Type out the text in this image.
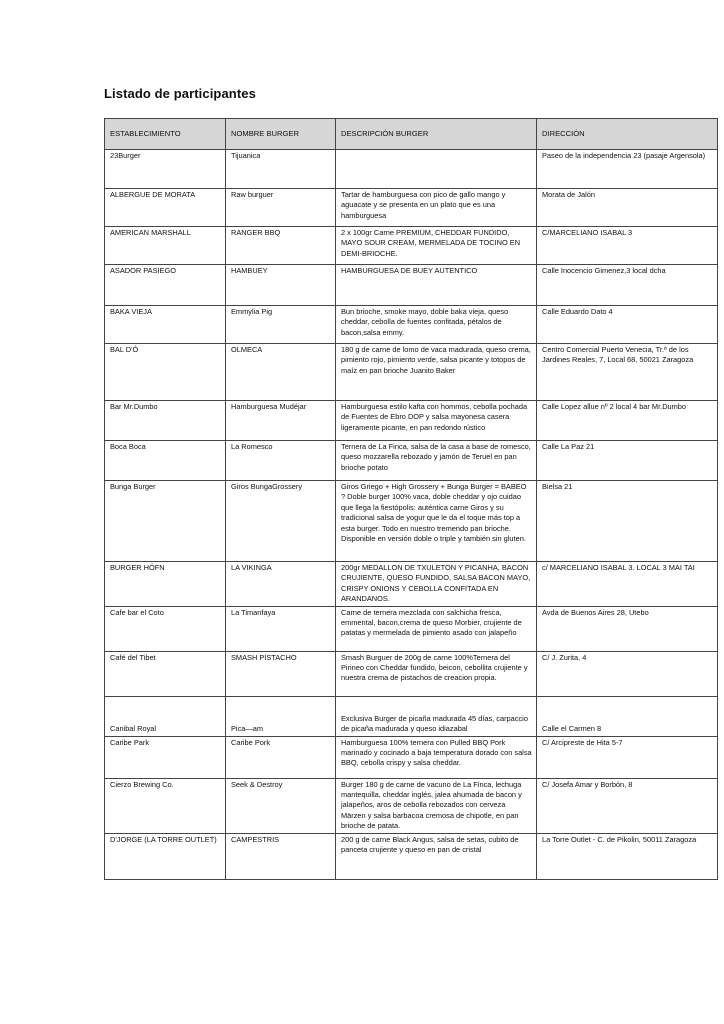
Listado de participantes
ESTABLECIMIENTO	NOMBRE BURGER	DESCRIPCIÓN BURGER	DIRECCIÓN
23Burger	Tijuanica		Paseo de la independencia 23 (pasaje Argensola)
ALBERGUE DE MORATA	Raw burguer	Tartar de hamburguesa con pico de gallo mango y aguacate y se presenta en un plato que es una hamburguesa	Morata de Jalón
AMERICAN MARSHALL	RANGER BBQ	2 x 100gr Carne PREMIUM, CHEDDAR FUNDIDO, MAYO SOUR CREAM, MERMELADA DE TOCINO EN DEMI-BRIOCHE.	C/MARCELIANO ISABAL 3
ASADOR PASIEGO	HAMBUEY	HAMBURGUESA DE BUEY AUTENTICO	Calle Inocencio Gimenez,3 local dcha
BAKA VIEJA	Emmylia Pig	Bun brioche, smoke mayo, doble baka vieja, queso cheddar, cebolla de fuentes confitada, pétalos de bacon,salsa emmy.	Calle Eduardo Dato 4
BAL D'Ó	OLMECA	180 g de carne de lomo de vaca madurada, queso crema, pimiento rojo, pimiento verde, salsa picante y totopos de maíz en pan brioche Juanito Baker	Centro Comercial Puerto Venecia, Tr.ª de los Jardines Reales, 7, Local 68, 50021 Zaragoza
Bar Mr.Dumbo	Hamburguesa Mudéjar	Hamburguesa estilo kafta con hommos, cebolla pochada de Fuentes de Ebro DOP y salsa mayonesa casera ligeramente picante, en pan redondo rústico	Calle Lopez allue nº 2 local 4 bar Mr.Dumbo
Boca Boca	La Romesco	Ternera de La Finca, salsa de la casa a base de romesco, queso mozzarella rebozado y jamón de Teruel en pan brioche potato	Calle La Paz 21
Bunga Burger	Giros BungaGrossery	Giros Griego + High Grossery + Bunga Burger = BABEO ? Doble burger 100% vaca, doble cheddar y ojo cuidao que llega la fiestópolis: auténtica carne Giros y su tradicional salsa de yogur que le da el toque más top a esta burger. Todo en nuestro tremendo pan brioche. Disponible en versión doble o triple y también sin gluten.	Bielsa 21
BURGER HÖFN	LA VIKINGA	200gr MEDALLON DE TXULETON Y PICANHA, BACON CRUJIENTE, QUESO FUNDIDO, SALSA BACON MAYO, CRISPY ONIONS Y CEBOLLA CONFITADA EN ARANDANOS.	c/ MARCELIANO ISABAL 3. LOCAL 3 MAI TAI
Cafe bar el Coto	La Timanfaya	Carne de ternera mezclada con salchicha fresca, emmental, bacon,crema de queso Morbier, crujiente de patatas y mermelada de pimiento asado con jalapeño	Avda de Buenos Aires 28, Utebo
Café del Tibet	SMASH PISTACHO	Smash Burguer de 200g de carne 100%Ternera del Pirineo con Cheddar fundido, beicon, cebollita crujiente y nuestra crema de pistachos de creacion propia.	C/ J. Zurita, 4
Canibal Royal	Pica—am	Exclusiva Burger de picaña madurada 45 días, carpaccio de picaña madurada y queso idiazabal	Calle el Carmen 8
Caribe Park	Caribe Pork	Hamburguesa 100% ternera con Pulled BBQ Pork marinado y cocinado a baja temperatura dorado con salsa BBQ, cebolla crispy y salsa cheddar.	C/ Arcipreste de Hita 5-7
Cierzo Brewing Co.	Seek & Destroy	Burger 180 g de carne de vacuno de La Finca, lechuga mantequilla, cheddar inglés, jalea ahumada de bacon y jalapeños, aros de cebolla rebozados con cerveza Märzen y salsa barbacoa cremosa de chipotle, en pan brioche de patata.	C/ Josefa Amar y Borbón, 8
D'JORGE (LA TORRE OUTLET)	CAMPESTRIS	200 g de carne Black Angus, salsa de setas, cubito de panceta crujiente y queso en pan de cristal	La Torre Outlet - C. de Pikolin, 50011 Zaragoza
